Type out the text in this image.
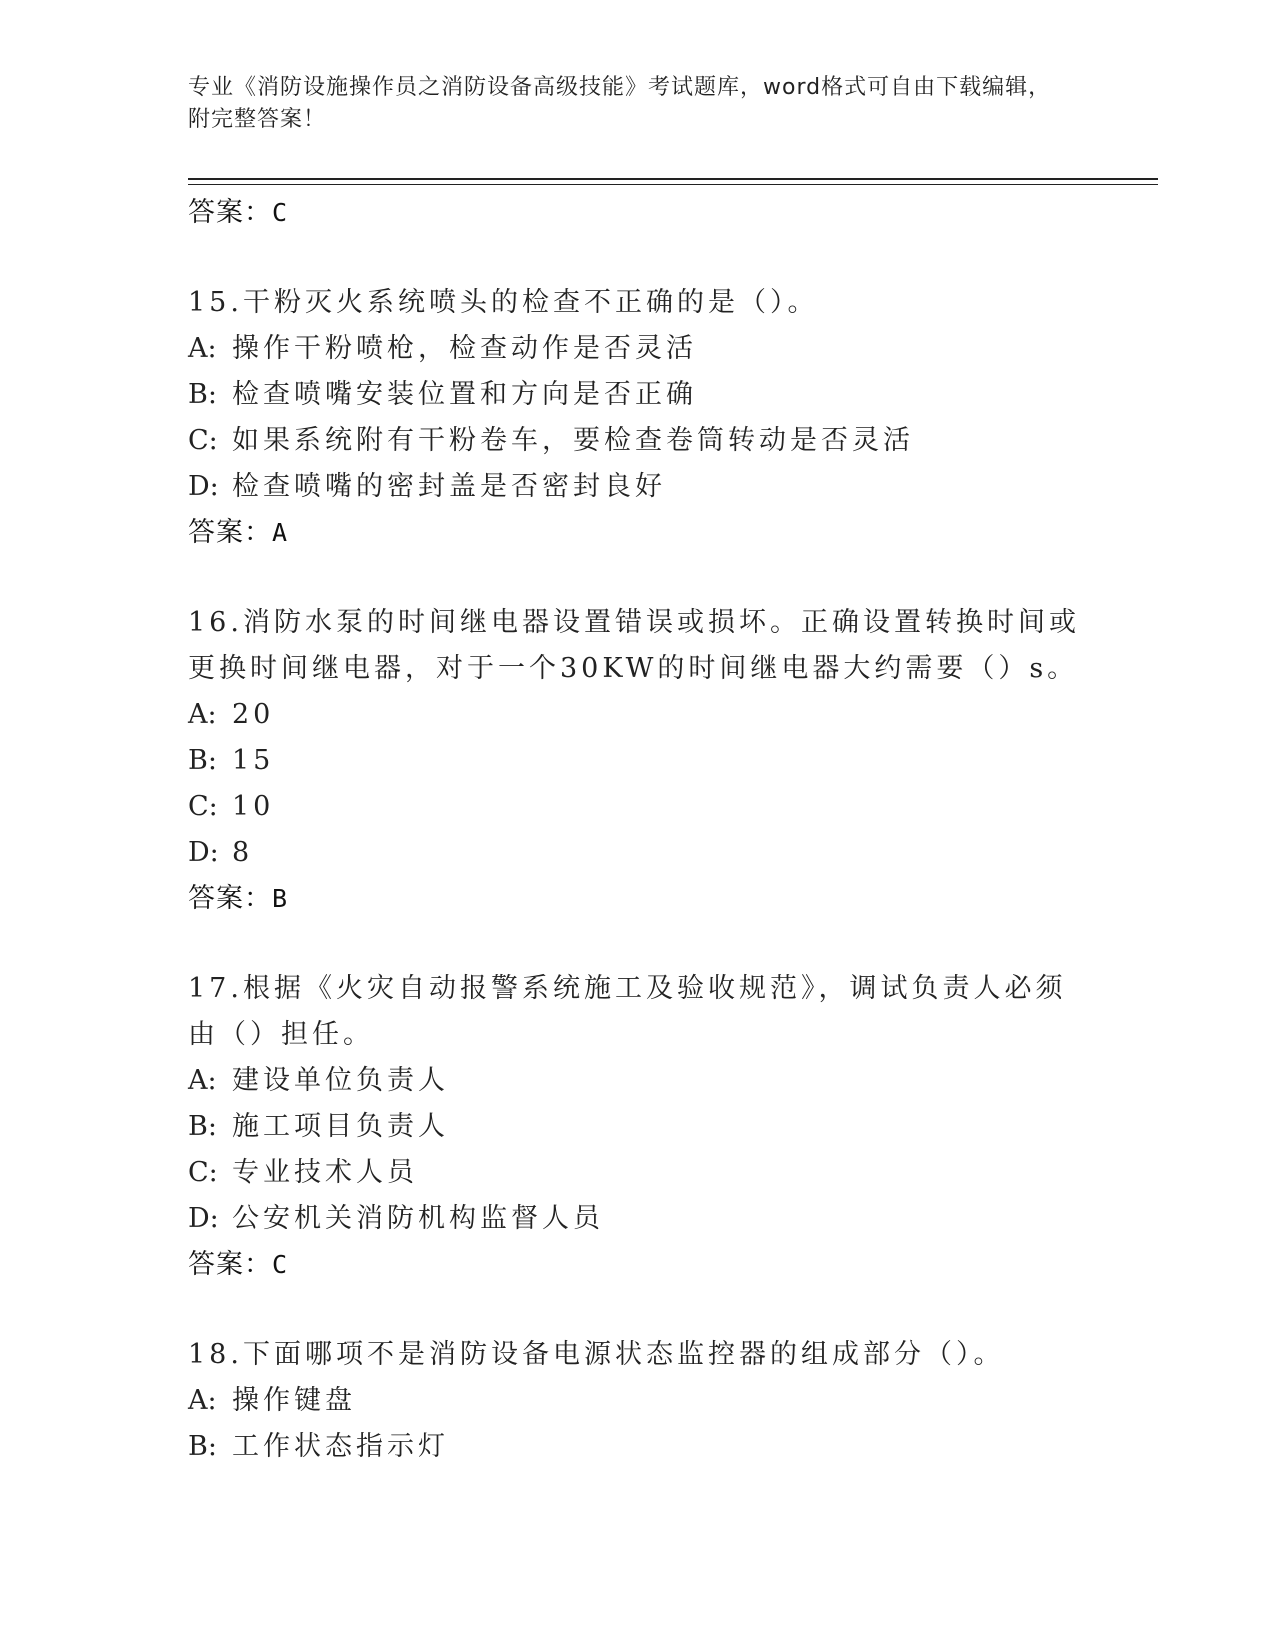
专业《消防设施操作员之消防设备高级技能》考试题库，word格式可自由下载编辑，附完整答案！
答案：C
15.干粉灭火系统喷头的检查不正确的是（）。
A: 操作干粉喷枪，检查动作是否灵活
B: 检查喷嘴安装位置和方向是否正确
C: 如果系统附有干粉卷车，要检查卷筒转动是否灵活
D: 检查喷嘴的密封盖是否密封良好
答案：A
16.消防水泵的时间继电器设置错误或损坏。正确设置转换时间或更换时间继电器，对于一个30KW的时间继电器大约需要（）s。
A: 20
B: 15
C: 10
D: 8
答案：B
17.根据《火灾自动报警系统施工及验收规范》，调试负责人必须由（）担任。
A: 建设单位负责人
B: 施工项目负责人
C: 专业技术人员
D: 公安机关消防机构监督人员
答案：C
18.下面哪项不是消防设备电源状态监控器的组成部分（）。
A: 操作键盘
B: 工作状态指示灯
